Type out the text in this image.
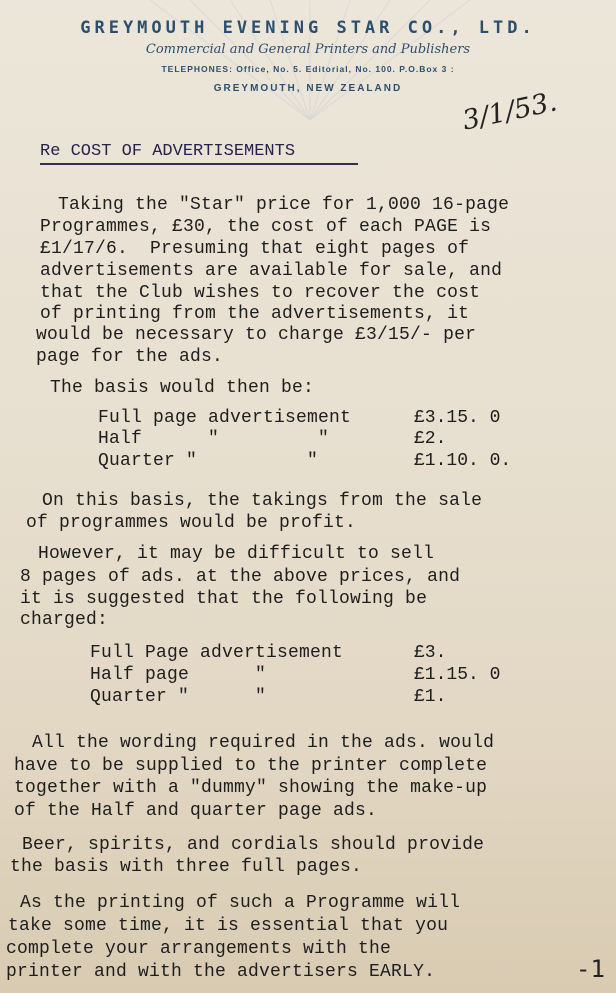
GREYMOUTH EVENING STAR CO., LTD.
Commercial and General Printers and Publishers
TELEPHONES: Office, No. 5. Editorial, No. 100. P.O.Box 3 :
GREYMOUTH, NEW ZEALAND	3/1/53.
Re COST OF ADVERTISEMENTS
Taking the "Star" price for 1,000 16-page
Programmes, £30, the cost of each PAGE is
£1/17/6.  Presuming that eight pages of
advertisements are available for sale, and
that the Club wishes to recover the cost
of printing from the advertisements, it
would be necessary to charge £3/15/- per
page for the ads.
The basis would then be:
Full page advertisement	£3.15. 0
Half      "         "	£2.
Quarter "          "	£1.10. 0.
On this basis, the takings from the sale
of programmes would be profit.
However, it may be difficult to sell
8 pages of ads. at the above prices, and
it is suggested that the following be
charged:
Full Page advertisement	£3.
Half page      "	£1.15. 0
Quarter "      "	£1.
All the wording required in the ads. would
have to be supplied to the printer complete
together with a "dummy" showing the make-up
of the Half and quarter page ads.
Beer, spirits, and cordials should provide
the basis with three full pages.
As the printing of such a Programme will
take some time, it is essential that you
complete your arrangements with the
printer and with the advertisers EARLY.	-1
